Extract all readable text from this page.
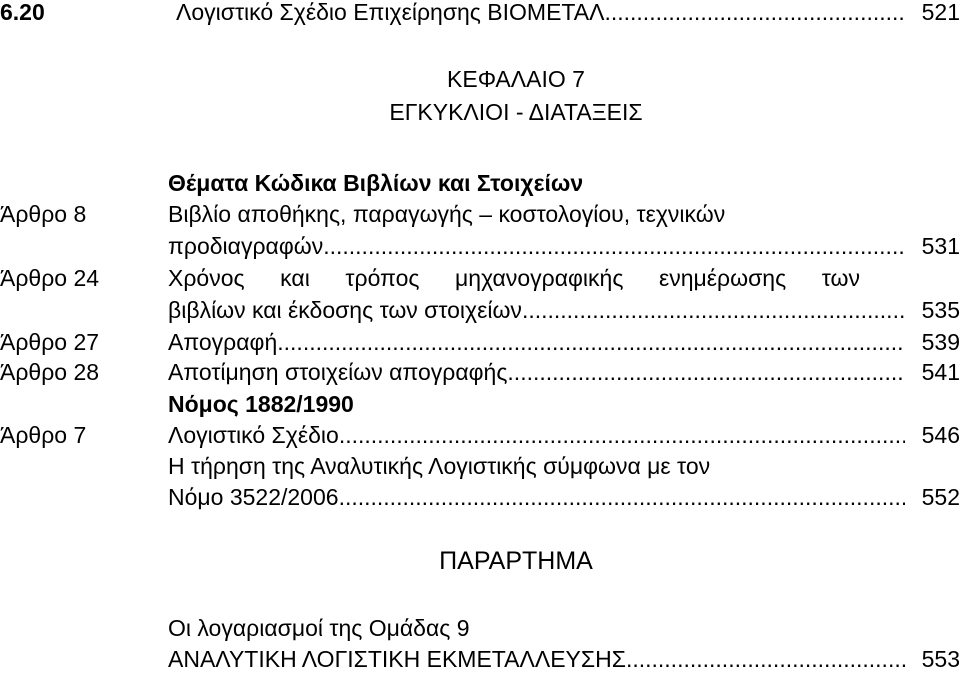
6.20	Λογιστικό Σχέδιο Επιχείρησης ΒΙΟΜΕΤΑΛ .....	521
ΚΕΦΑΛΑΙΟ 7
ΕΓΚΥΚΛΙΟΙ - ΔΙΑΤΑΞΕΙΣ
Θέματα Κώδικα Βιβλίων και Στοιχείων
Άρθρο 8	Βιβλίο αποθήκης, παραγωγής – κοστολογίου, τεχνικών
προδιαγραφών .....	531
Άρθρο 24	Χρόνος και τρόπος μηχανογραφικής ενημέρωσης των
βιβλίων και έκδοσης των στοιχείων .....	535
Άρθρο 27	Απογραφή .....	539
Άρθρο 28	Αποτίμηση στοιχείων απογραφής .....	541
Νόμος 1882/1990
Άρθρο 7	Λογιστικό Σχέδιο .....	546
Η τήρηση της Αναλυτικής Λογιστικής σύμφωνα με τον
Νόμο 3522/2006 .....	552
ΠΑΡΑΡΤΗΜΑ
Οι λογαριασμοί της Ομάδας 9
ΑΝΑΛΥΤΙΚΗ ΛΟΓΙΣΤΙΚΗ ΕΚΜΕΤΑΛΛΕΥΣΗΣ .....	553
